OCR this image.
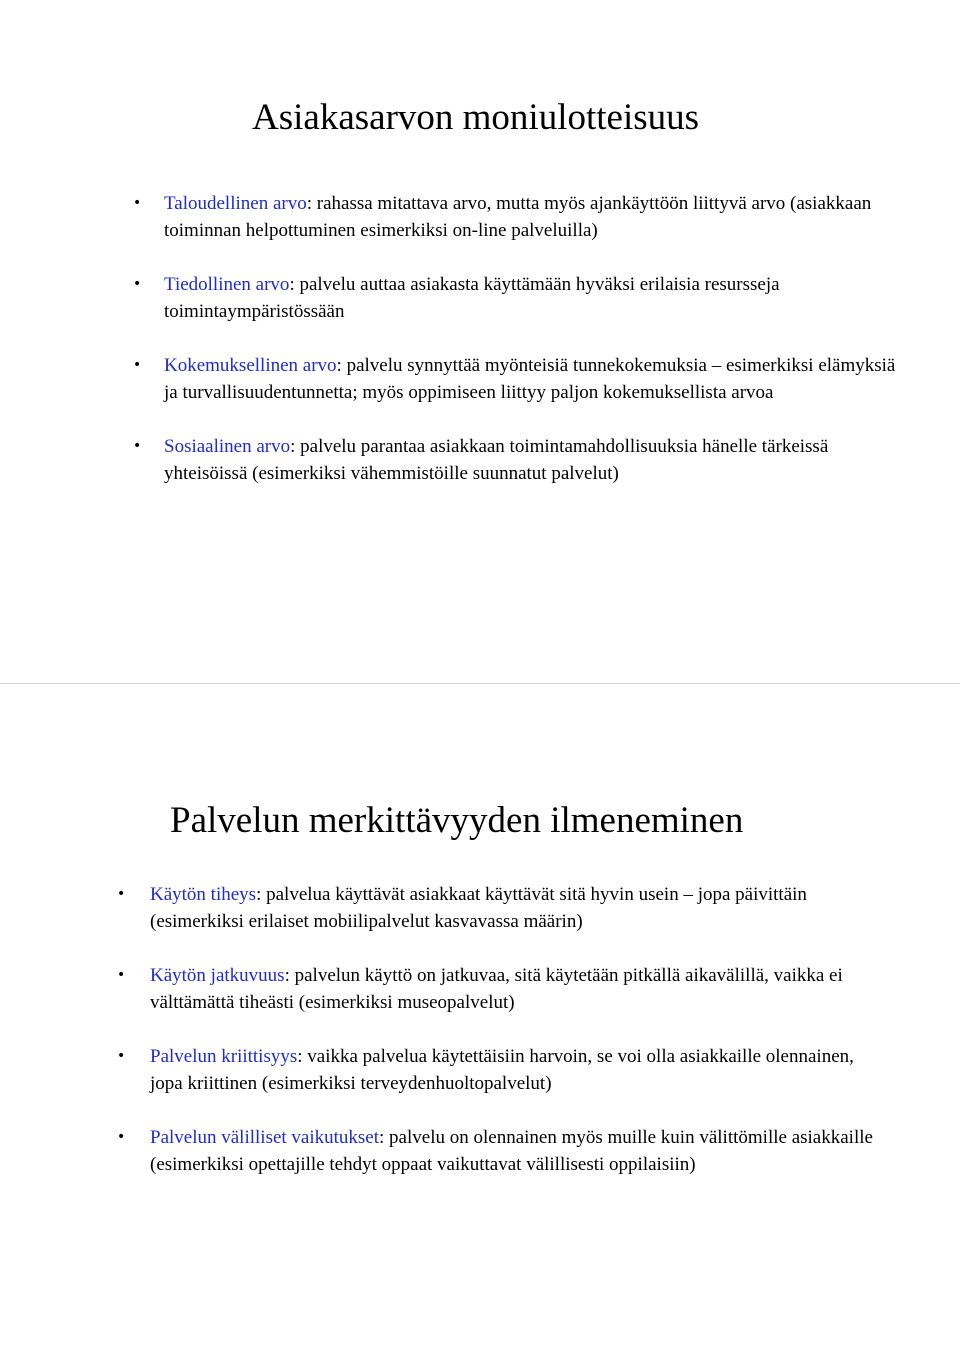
Asiakasarvon moniulotteisuus
• Taloudellinen arvo: rahassa mitattava arvo, mutta myös ajankäyttöön liittyvä arvo (asiakkaan toiminnan helpottuminen esimerkiksi on-line palveluilla)
• Tiedollinen arvo: palvelu auttaa asiakasta käyttämään hyväksi erilaisia resursseja toimintaympäristössään
• Kokemuksellinen arvo: palvelu synnyttää myönteisiä tunnekokemuksia – esimerkiksi elämyksiä ja turvallisuudentunnetta; myös oppimiseen liittyy paljon kokemuksellista arvoa
• Sosiaalinen arvo: palvelu parantaa asiakkaan toimintamahdollisuuksia hänelle tärkeissä yhteisöissä (esimerkiksi vähemmistöille suunnatut palvelut)
Palvelun merkittävyyden ilmeneminen
• Käytön tiheys: palvelua käyttävät asiakkaat käyttävät sitä hyvin usein – jopa päivittäin (esimerkiksi erilaiset mobiilipalvelut kasvavassa määrin)
• Käytön jatkuvuus: palvelun käyttö on jatkuvaa, sitä käytetään pitkällä aikavälillä, vaikka ei välttämättä tiheästi (esimerkiksi museopalvelut)
• Palvelun kriittisyys: vaikka palvelua käytettäisiin harvoin, se voi olla asiakkaille olennainen, jopa kriittinen (esimerkiksi terveydenhuoltopalvelut)
• Palvelun välilliset vaikutukset: palvelu on olennainen myös muille kuin välittömille asiakkaille (esimerkiksi opettajille tehdyt oppaat vaikuttavat välillisesti oppilaisiin)
